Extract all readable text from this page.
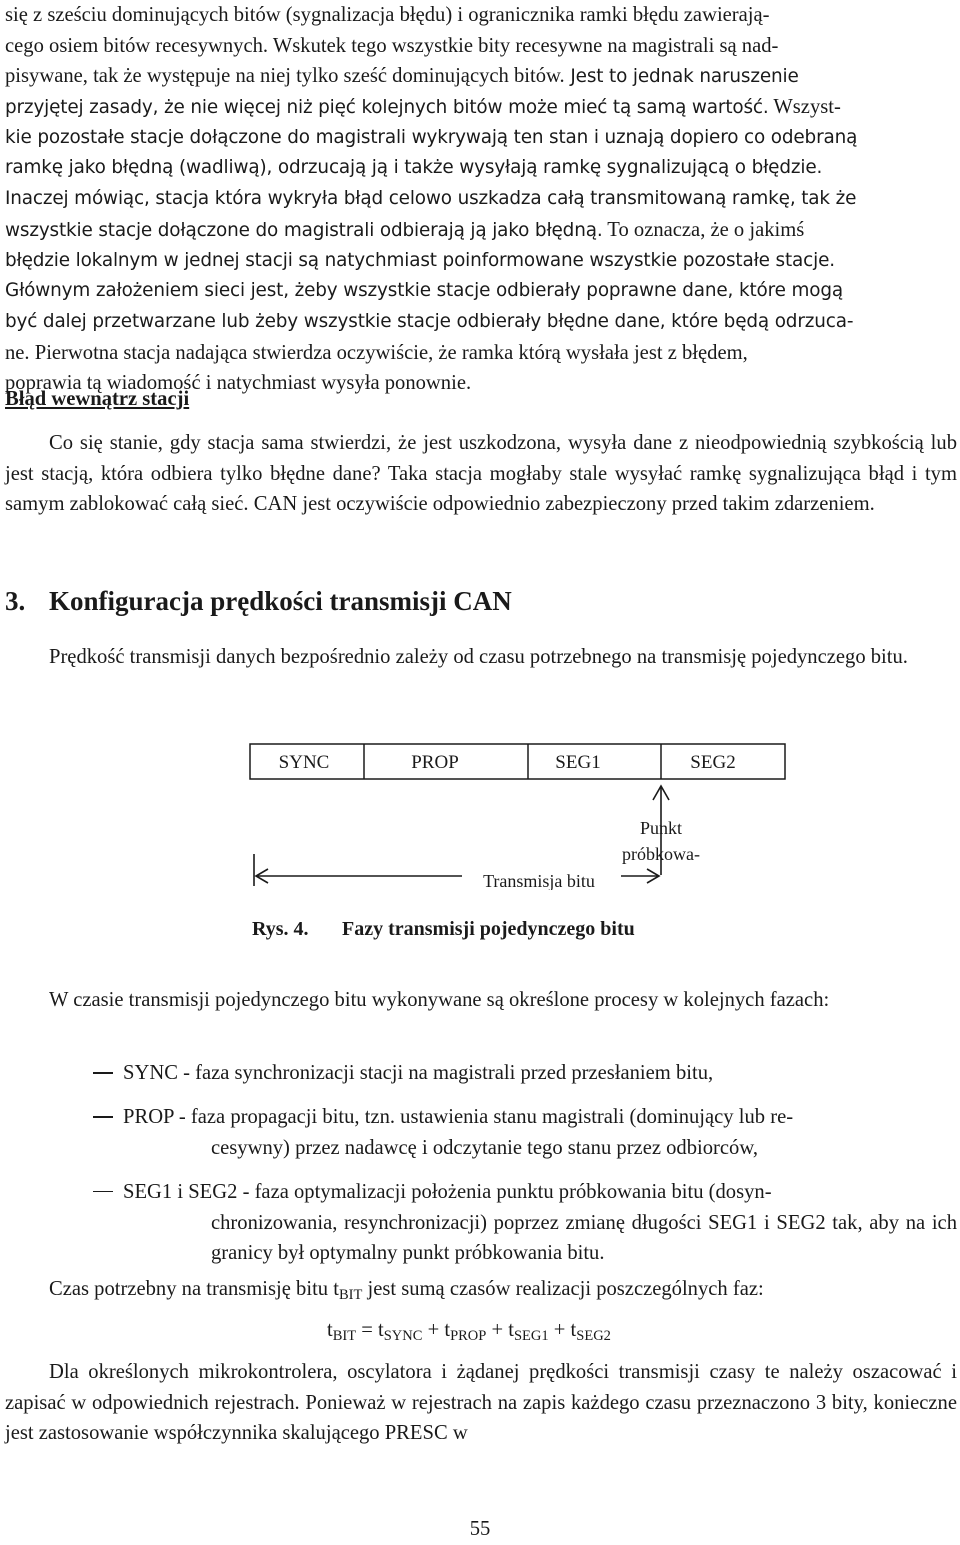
się z sześciu dominujących bitów (sygnalizacja błędu) i ogranicznika ramki błędu zawierają-

cego osiem bitów recesywnych. Wskutek tego wszystkie bity recesywne na magistrali są nad-

pisywane, tak że występuje na niej tylko sześć dominujących bitów. Jest to jednak naruszenie

przyjętej zasady, że nie więcej niż pięć kolejnych bitów może mieć tą samą wartość. Wszyst-

kie pozostałe stacje dołączone do magistrali wykrywają ten stan i uznają dopiero co odebraną

ramkę jako błędną (wadliwą), odrzucają ją i także wysyłają ramkę sygnalizującą o błędzie.

Inaczej mówiąc, stacja która wykryła błąd celowo uszkadza całą transmitowaną ramkę, tak że

wszystkie stacje dołączone do magistrali odbierają ją jako błędną. To oznacza, że o jakimś

błędzie lokalnym w jednej stacji są natychmiast poinformowane wszystkie pozostałe stacje.

Głównym założeniem sieci jest, żeby wszystkie stacje odbierały poprawne dane, które mogą

być dalej przetwarzane lub żeby wszystkie stacje odbierały błędne dane, które będą odrzuca-

ne. Pierwotna stacja nadająca stwierdza oczywiście, że ramka którą wysłała jest z błędem,

poprawia tą wiadomość i natychmiast wysyła ponownie.

Błąd wewnątrz stacji

Co się stanie, gdy stacja sama stwierdzi, że jest uszkodzona, wysyła dane z nieodpowiednią szybkością lub jest stacją, która odbiera tylko błędne dane? Taka stacja mogłaby stale wysyłać ramkę sygnalizująca błąd i tym samym zablokować całą sieć. CAN jest oczywiście odpowiednio zabezpieczony przed takim zdarzeniem.

3. Konfiguracja prędkości transmisji CAN

Prędkość transmisji danych bezpośrednio zależy od czasu potrzebnego na transmisję pojedynczego bitu.

SYNC	PROP	SEG1	SEG2
Punkt
próbkowa-
Transmisja bitu
Rys. 4. Fazy transmisji pojedynczego bitu

W czasie transmisji pojedynczego bitu wykonywane są określone procesy w kolejnych fazach:

SYNC - faza synchronizacji stacji na magistrali przed przesłaniem bitu,
PROP - faza propagacji bitu, tzn. ustawienia stanu magistrali (dominujący lub re-
cesywny) przez nadawcę i odczytanie tego stanu przez odbiorców,
SEG1 i SEG2 - faza optymalizacji położenia punktu próbkowania bitu (dosyn-
chronizowania, resynchronizacji) poprzez zmianę długości SEG1 i SEG2 tak, aby na ich granicy był optymalny punkt próbkowania bitu.
Czas potrzebny na transmisję bitu $t_{BIT}$ jest sumą czasów realizacji poszczególnych faz:
$t_{BIT} = t_{SYNC} + t_{PROP} + t_{SEG1} + t_{SEG2}$

Dla określonych mikrokontrolera, oscylatora i żądanej prędkości transmisji czasy te należy oszacować i zapisać w odpowiednich rejestrach. Ponieważ w rejestrach na zapis każdego czasu przeznaczono 3 bity, konieczne jest zastosowanie współczynnika skalującego PRESC w

55
